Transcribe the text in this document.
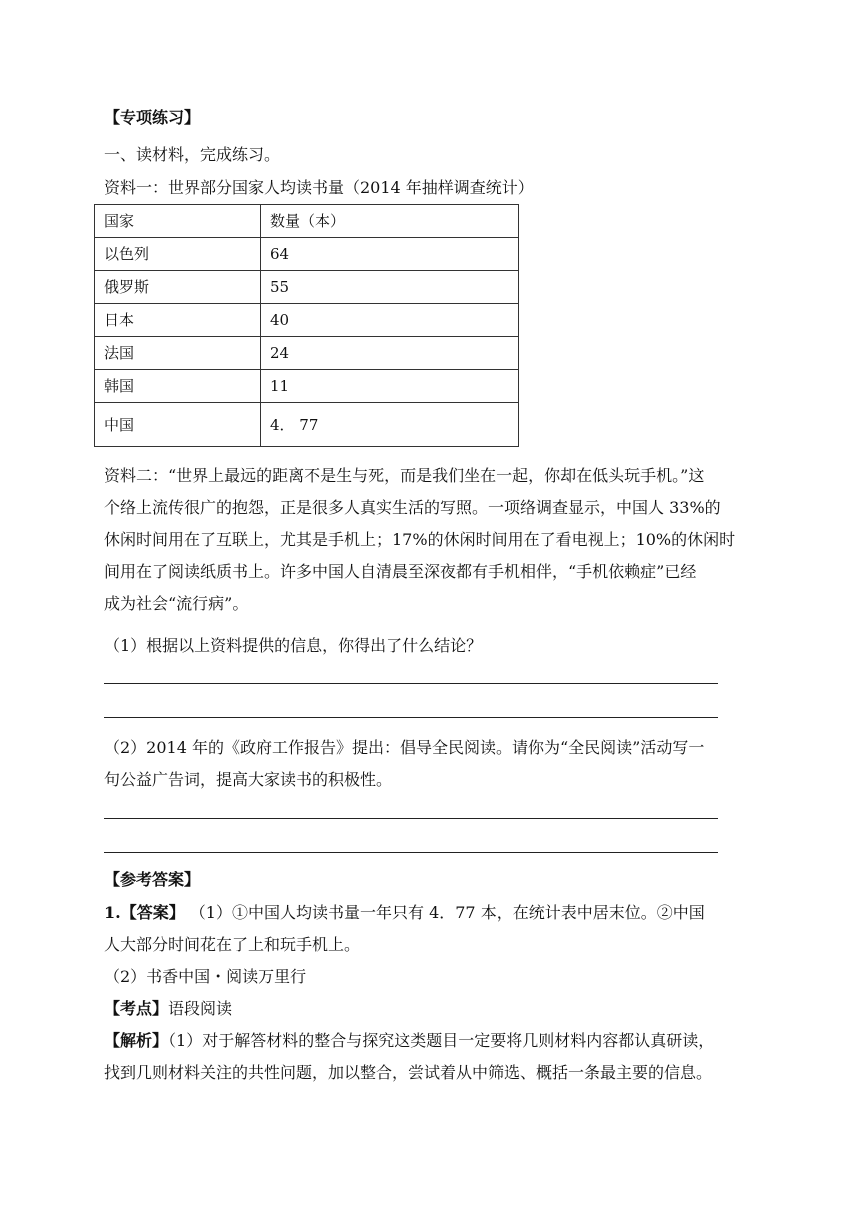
【专项练习】
一、读材料，完成练习。
资料一：世界部分国家人均读书量（2014 年抽样调查统计）
国家	数量（本）
以色列	64
俄罗斯	55
日本	40
法国	24
韩国	11
中国	4． 77
资料二：“世界上最远的距离不是生与死，而是我们坐在一起，你却在低头玩手机。”这
个络上流传很广的抱怨，正是很多人真实生活的写照。一项络调查显示，中国人 33%的
休闲时间用在了互联上，尤其是手机上；17%的休闲时间用在了看电视上；10%的休闲时
间用在了阅读纸质书上。许多中国人自清晨至深夜都有手机相伴，“手机依赖症”已经
成为社会“流行病”。
（1）根据以上资料提供的信息，你得出了什么结论？
（2）2014 年的《政府工作报告》提出：倡导全民阅读。请你为“全民阅读”活动写一
句公益广告词，提高大家读书的积极性。
【参考答案】
1.【答案】 （1）①中国人均读书量一年只有 4．77 本，在统计表中居末位。②中国
人大部分时间花在了上和玩手机上。
（2）书香中国・阅读万里行
【考点】语段阅读
【解析】（1）对于解答材料的整合与探究这类题目一定要将几则材料内容都认真研读，
找到几则材料关注的共性问题，加以整合，尝试着从中筛选、概括一条最主要的信息。
